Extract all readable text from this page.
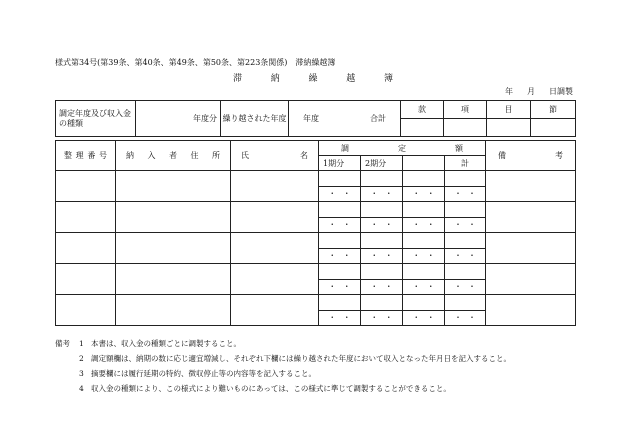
様式第34号(第39条、第40条、第49条、第50条、第223条関係)　滞納繰越簿
滞	納	繰	越	簿
年 月 日調製
調定年度及び収入金の種類	年度分	繰り越された年度	年度 合計	款	項	目	節

整 理 番 号	納 入 者 住 所	氏 名	調 定 額				備 考

			1期分	2期分		計	

			・ ・	・ ・	・ ・	・ ・	

			・ ・	・ ・	・ ・	・ ・	

			・ ・	・ ・	・ ・	・ ・	

			・ ・	・ ・	・ ・	・ ・	

			・ ・	・ ・	・ ・	・ ・	
備考	1 本書は、収入金の種類ごとに調製すること。
2 調定額欄は、納期の数に応じ適宜増減し、それぞれ下欄には繰り越された年度において収入となった年月日を記入すること。
3 摘要欄には履行延期の特約、徴収停止等の内容等を記入すること。
4 収入金の種類により、この様式により難いものにあっては、この様式に準じて調製することができること。
